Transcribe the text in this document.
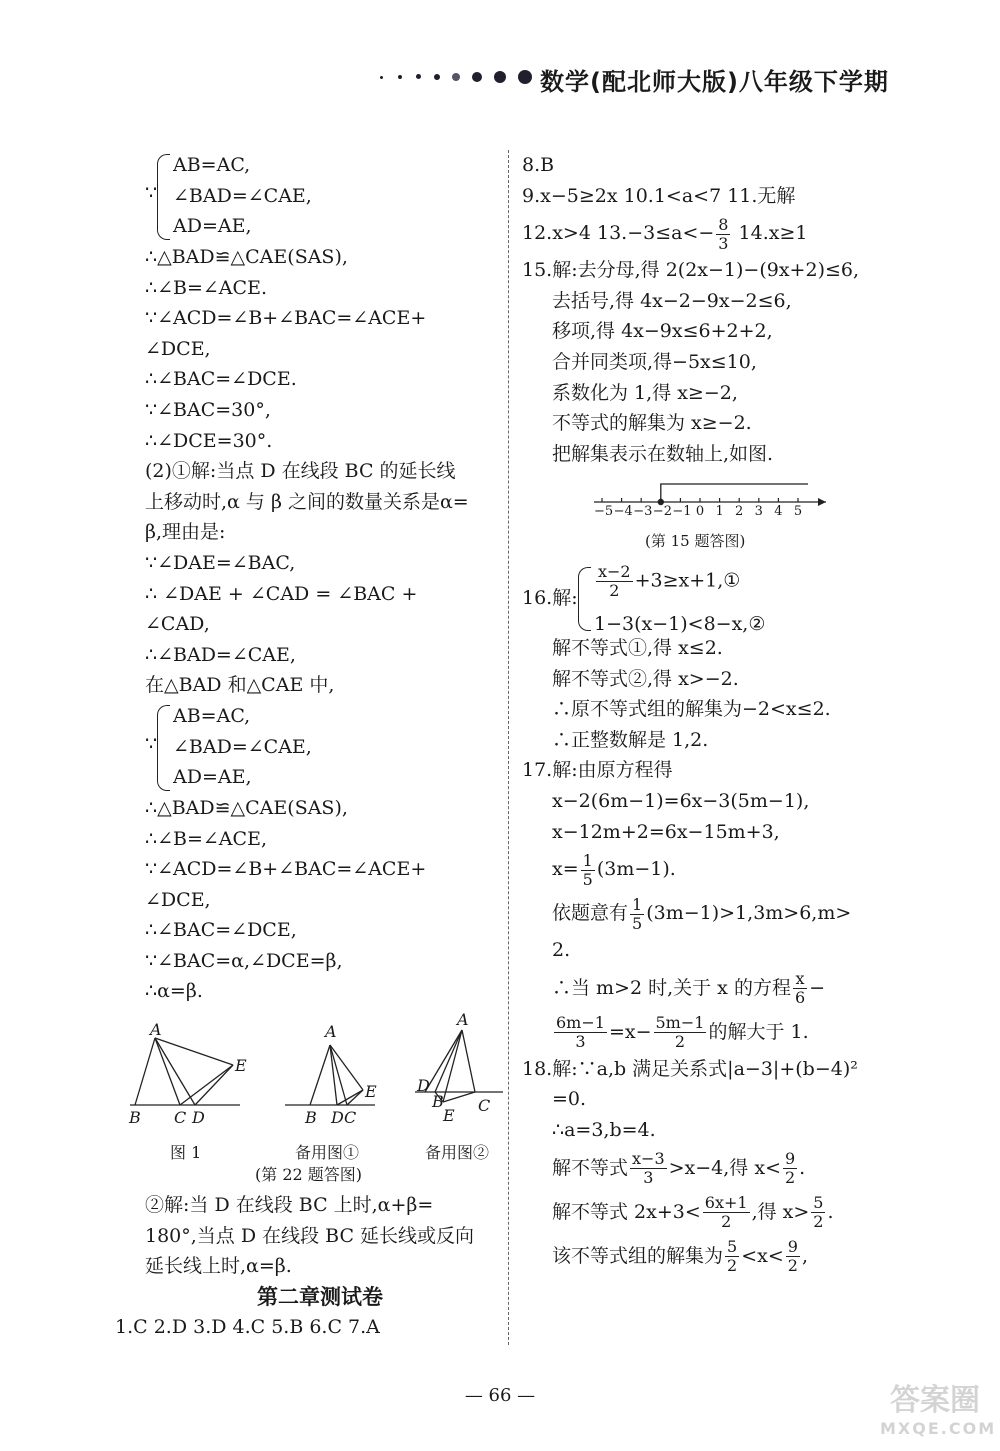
数学(配北师大版)八年级下学期
∵
AB=AC,
∠BAD=∠CAE,
AD=AE,
∴△BAD≌△CAE(SAS),
∴∠B=∠ACE.
∵∠ACD=∠B+∠BAC=∠ACE+
∠DCE,
∴∠BAC=∠DCE.
∵∠BAC=30°,
∴∠DCE=30°.
(2)①解:当点 D 在线段 BC 的延长线
上移动时,α 与 β 之间的数量关系是α=
β,理由是:
∵∠DAE=∠BAC,
∴ ∠DAE + ∠CAD = ∠BAC +
∠CAD,
∴∠BAD=∠CAE,
在△BAD 和△CAE 中,
∵
AB=AC,
∠BAD=∠CAE,
AD=AE,
∴△BAD≌△CAE(SAS),
∴∠B=∠ACE,
∵∠ACD=∠B+∠BAC=∠ACE+
∠DCE,
∴∠BAC=∠DCE,
∵∠BAC=α,∠DCE=β,
∴α=β.
A
B C D
E
A
B D C
E
A
D
B
E
C
图 1	备用图①	备用图②
(第 22 题答图)
②解:当 D 在线段 BC 上时,α+β=
180°,当点 D 在线段 BC 延长线或反向
延长线上时,α=β.
第二章测试卷
1.C 2.D 3.D 4.C 5.B 6.C 7.A
8.B
9.x−5≥2x 10.1<a<7 11.无解
12.x>4 $13.-3\le a<- \frac{8}{3} 14.x\ge 1$
15.解:去分母,得 2(2x−1)−(9x+2)≤6,
去括号,得 4x−2−9x−2≤6,
移项,得 4x−9x≤6+2+2,
合并同类项,得−5x≤10,
系数化为 1,得 x≥−2,
不等式的解集为 x≥−2.
把解集表示在数轴上,如图.
−5 −4 −3 −2 −1 0 1 2 3 4 5
(第 15 题答图)
16.解: $\frac{x-2}{2}$ +3≥x+1,①
1−3(x−1)<8−x,②
解不等式①,得 x≤2.
解不等式②,得 x>−2.
∴原不等式组的解集为−2<x≤2.
∴正整数解是 1,2.
17.解:由原方程得
x−2(6m−1)=6x−3(5m−1),
x−12m+2=6x−15m+3,
$x= \frac{1}{5} (3m-1)$.
依题意有 $\frac{1}{5} (3m-1)>1,3m>6,m>$
2.
∴当 m>2 时,关于 x 的方程 $\frac{x}{6}$ −
$\frac{6m-1}{3} =x- \frac{5m-1}{2}$ 的解大于 1.
18.解:∵a,b 满足关系式|a−3|+(b−4)²
=0.
∴a=3,b=4.
解不等式 $\frac{x-3}{3} >x-4$,得 $x< \frac{9}{2}$ .
解不等式 $2x+3< \frac{6x+1}{2}$ ,得 $x> \frac{5}{2}$ .
该不等式组的解集为 $\frac{5}{2} <x< \frac{9}{2}$ ,
— 66 —	答案圈
MXQE.COM
